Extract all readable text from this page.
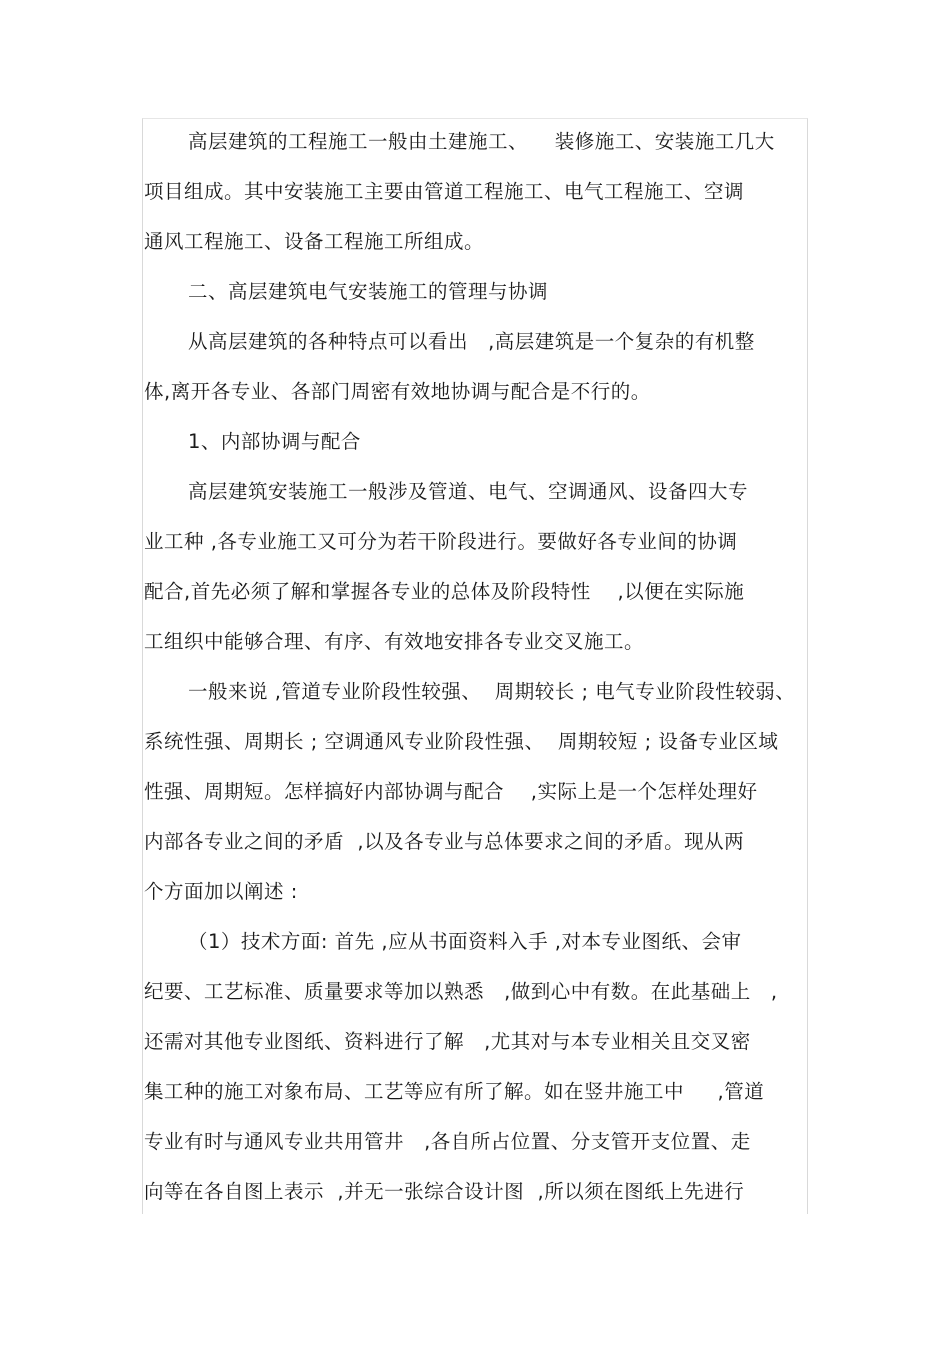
高层建筑的工程施工一般由土建施工、    装修施工、安装施工几大
项目组成。其中安装施工主要由管道工程施工、电气工程施工、空调
通风工程施工、设备工程施工所组成。
二、高层建筑电气安装施工的管理与协调
从高层建筑的各种特点可以看出   ,高层建筑是一个复杂的有机整
体,离开各专业、各部门周密有效地协调与配合是不行的。
1、内部协调与配合
高层建筑安装施工一般涉及管道、电气、空调通风、设备四大专
业工种 ,各专业施工又可分为若干阶段进行。要做好各专业间的协调
配合,首先必须了解和掌握各专业的总体及阶段特性    ,以便在实际施
工组织中能够合理、有序、有效地安排各专业交叉施工。
一般来说 ,管道专业阶段性较强、  周期较长 ; 电气专业阶段性较弱、
系统性强、周期长 ; 空调通风专业阶段性强、  周期较短 ; 设备专业区域
性强、周期短。怎样搞好内部协调与配合    ,实际上是一个怎样处理好
内部各专业之间的矛盾  ,以及各专业与总体要求之间的矛盾。现从两
个方面加以阐述 :
（1）技术方面: 首先 ,应从书面资料入手 ,对本专业图纸、会审
纪要、工艺标准、质量要求等加以熟悉   ,做到心中有数。在此基础上   ,
还需对其他专业图纸、资料进行了解   ,尤其对与本专业相关且交叉密
集工种的施工对象布局、工艺等应有所了解。如在竖井施工中     ,管道
专业有时与通风专业共用管井   ,各自所占位置、分支管开支位置、走
向等在各自图上表示  ,并无一张综合设计图  ,所以须在图纸上先进行
